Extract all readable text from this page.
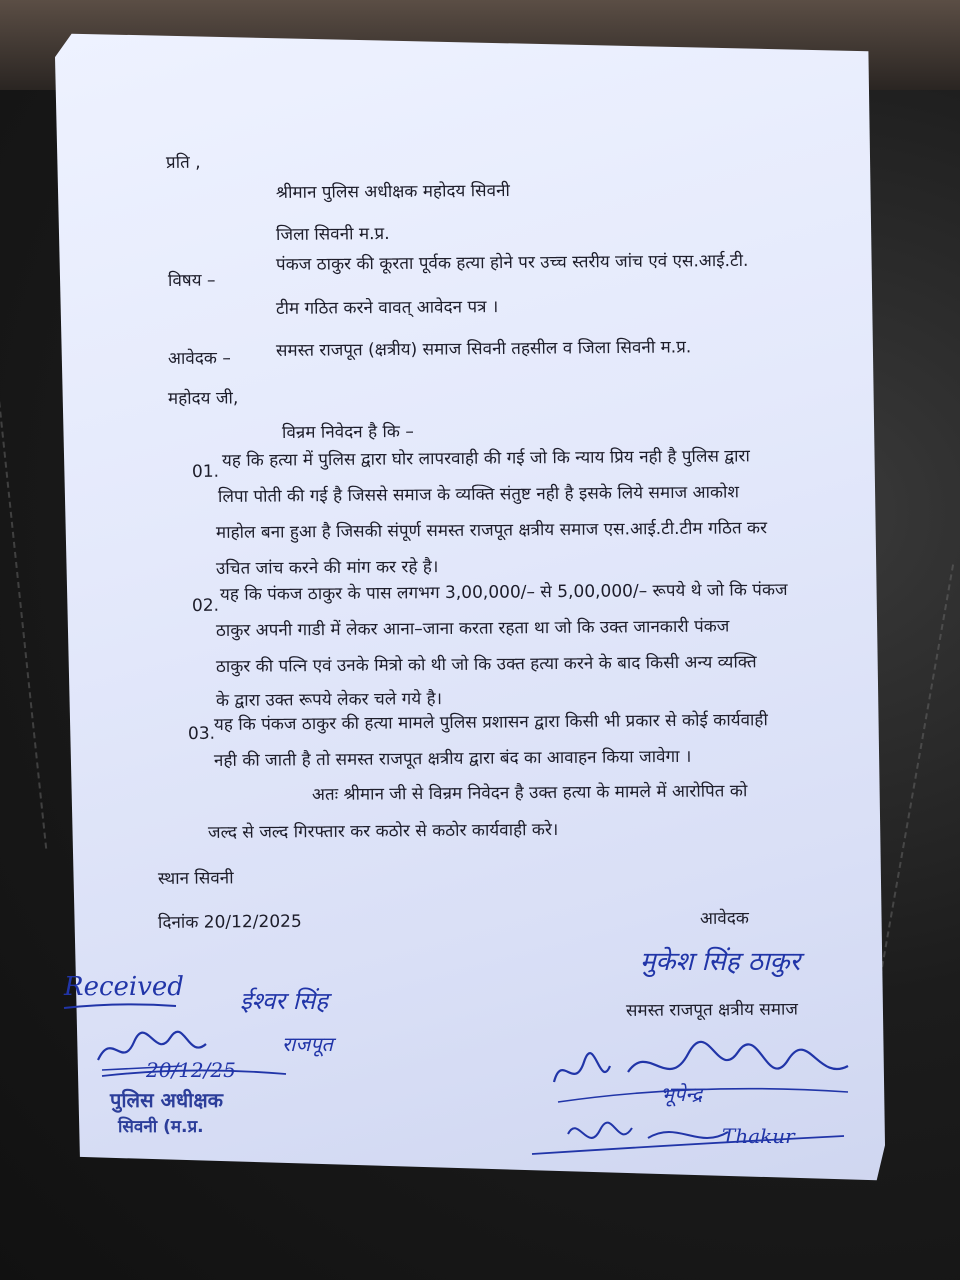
प्रति ,
श्रीमान पुलिस अधीक्षक महोदय सिवनी
जिला सिवनी म.प्र.
विषय –
पंकज ठाकुर की कूरता पूर्वक हत्या होने पर उच्च स्तरीय जांच एवं एस.आई.टी.
टीम गठित करने वावत् आवेदन पत्र ।
आवेदक –	समस्त राजपूत (क्षत्रीय) समाज सिवनी तहसील व जिला सिवनी म.प्र.
महोदय जी,
विन्रम निवेदन है कि –
01.
यह कि हत्या में पुलिस द्वारा घोर लापरवाही की गई जो कि न्याय प्रिय नही है पुलिस द्वारा
लिपा पोती की गई है जिससे समाज के व्यक्ति संतुष्ट नही है इसके लिये समाज आकोश
माहोल बना हुआ है जिसकी संपूर्ण समस्त राजपूत क्षत्रीय समाज एस.आई.टी.टीम गठित कर
उचित जांच करने की मांग कर रहे है।
02.
यह कि पंकज ठाकुर के पास लगभग 3,00,000/– से 5,00,000/– रूपये थे जो कि पंकज
ठाकुर अपनी गाडी में लेकर आना–जाना करता रहता था जो कि उक्त जानकारी पंकज
ठाकुर की पत्नि एवं उनके मित्रो को थी जो कि उक्त हत्या करने के बाद किसी अन्य व्यक्ति
के द्वारा उक्त रूपये लेकर चले गये है।
03.
यह कि पंकज ठाकुर की हत्या मामले पुलिस प्रशासन द्वारा किसी भी प्रकार से कोई कार्यवाही
नही की जाती है तो समस्त राजपूत क्षत्रीय द्वारा बंद का आवाहन किया जावेगा ।
अतः श्रीमान जी से विन्रम निवेदन है उक्त हत्या के मामले में आरोपित को
जल्द से जल्द गिरफ्तार कर कठोर से कठोर कार्यवाही करे।
स्थान सिवनी
दिनांक 20/12/2025	आवेदक
समस्त राजपूत क्षत्रीय समाज
Received ईश्वर सिंह
राजपूत
मुकेश सिंह ठाकुर
20/12/25
भूपेन्द्र
Thakur
पुलिस अधीक्षक
सिवनी (म.प्र.
